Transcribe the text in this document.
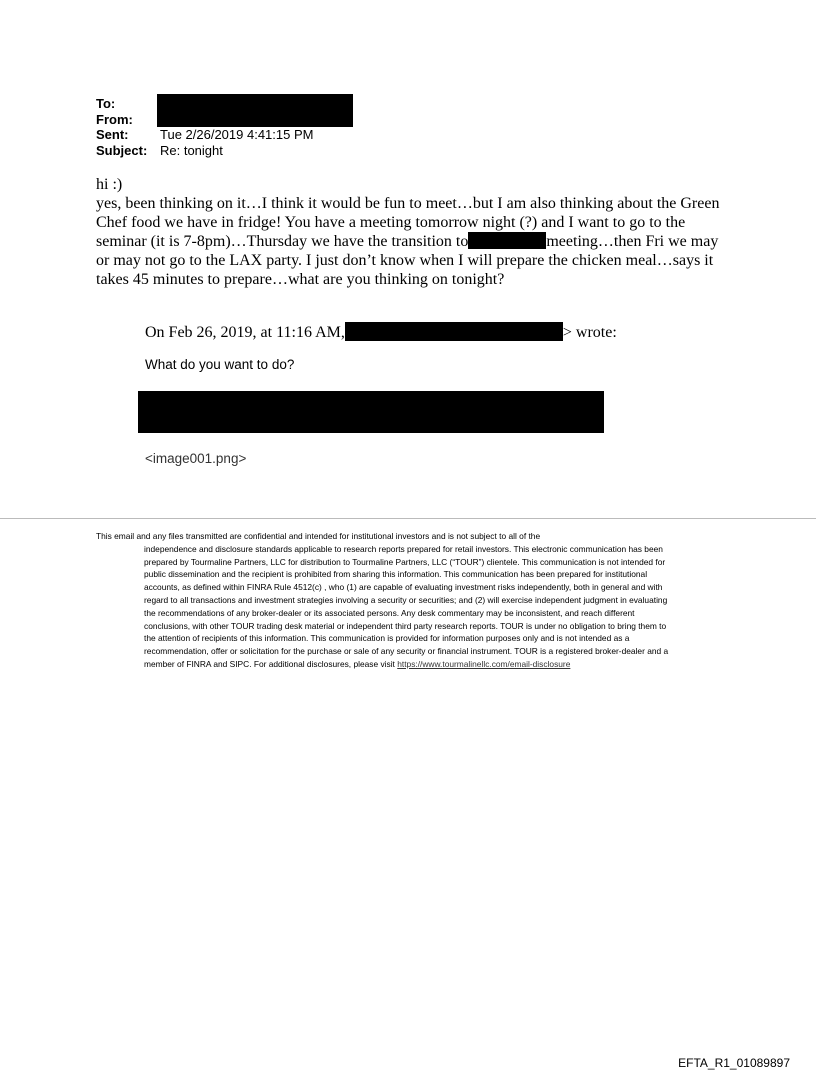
To:
From:
Sent:	Tue 2/26/2019 4:41:15 PM
Subject: Re: tonight

hi :)

yes, been thinking on it…I think it would be fun to meet…but I am also thinking about the Green

Chef food we have in fridge! You have a meeting tomorrow night (?) and I want to go to the

seminar (it is 7-8pm)…Thursday we have the transition to	meeting…then Fri we may

or may not go to the LAX party. I just don’t know when I will prepare the chicken meal…says it

takes 45 minutes to prepare…what are you thinking on tonight?

On Feb 26, 2019, at 11:16 AM,	> wrote:
What do you want to do?
<image001.png>

This email and any files transmitted are confidential and intended for institutional investors and is not subject to all of the

independence and disclosure standards applicable to research reports prepared for retail investors. This electronic communication has been prepared by Tourmaline Partners, LLC for distribution to Tourmaline Partners, LLC (“TOUR”) clientele. This communication is not intended for public dissemination and the recipient is prohibited from sharing this information. This communication has been prepared for institutional accounts, as defined within FINRA Rule 4512(c) , who (1) are capable of evaluating investment risks independently, both in general and with regard to all transactions and investment strategies involving a security or securities; and (2) will exercise independent judgment in evaluating the recommendations of any broker-dealer or its associated persons. Any desk commentary may be inconsistent, and reach different conclusions, with other TOUR trading desk material or independent third party research reports. TOUR is under no obligation to bring them to the attention of recipients of this information. This communication is provided for information purposes only and is not intended as a recommendation, offer or solicitation for the purchase or sale of any security or financial instrument. TOUR is a registered broker-dealer and a member of FINRA and SIPC. For additional disclosures, please visit https://www.tourmalinellc.com/email-disclosure

EFTA_R1_01089897
